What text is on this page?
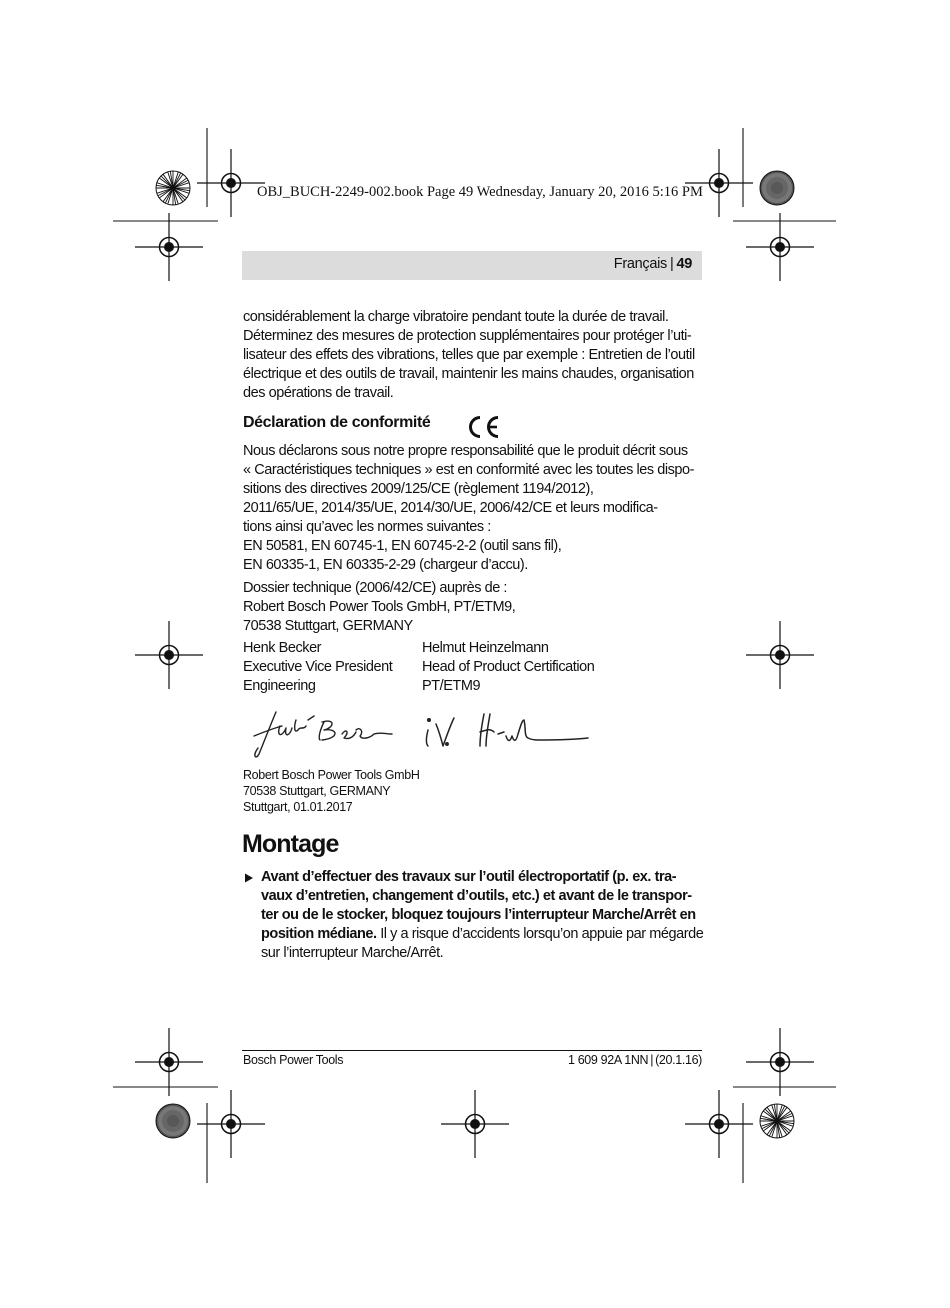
OBJ_BUCH-2249-002.book Page 49 Wednesday, January 20, 2016 5:16 PM
Français | 49
considérablement la charge vibratoire pendant toute la durée de travail.
Déterminez des mesures de protection supplémentaires pour protéger l’uti-
lisateur des effets des vibrations, telles que par exemple : Entretien de l’outil
électrique et des outils de travail, maintenir les mains chaudes, organisation
des opérations de travail.
Déclaration de conformité
Nous déclarons sous notre propre responsabilité que le produit décrit sous
« Caractéristiques techniques » est en conformité avec les toutes les dispo-
sitions des directives 2009/125/CE (règlement 1194/2012),
2011/65/UE, 2014/35/UE, 2014/30/UE, 2006/42/CE et leurs modifica-
tions ainsi qu’avec les normes suivantes :
EN 50581, EN 60745-1, EN 60745-2-2 (outil sans fil),
EN 60335-1, EN 60335-2-29 (chargeur d’accu).
Dossier technique (2006/42/CE) auprès de :
Robert Bosch Power Tools GmbH, PT/ETM9,
70538 Stuttgart, GERMANY
Henk Becker
Executive Vice President
Engineering
Helmut Heinzelmann
Head of Product Certification
PT/ETM9
Robert Bosch Power Tools GmbH
70538 Stuttgart, GERMANY
Stuttgart, 01.01.2017
Montage
Avant d’effectuer des travaux sur l’outil électroportatif (p. ex. tra-
vaux d’entretien, changement d’outils, etc.) et avant de le transpor-
ter ou de le stocker, bloquez toujours l’interrupteur Marche/Arrêt en
position médiane. Il y a risque d’accidents lorsqu’on appuie par mégarde
sur l’interrupteur Marche/Arrêt.
Bosch Power Tools	1 609 92A 1NN | (20.1.16)
